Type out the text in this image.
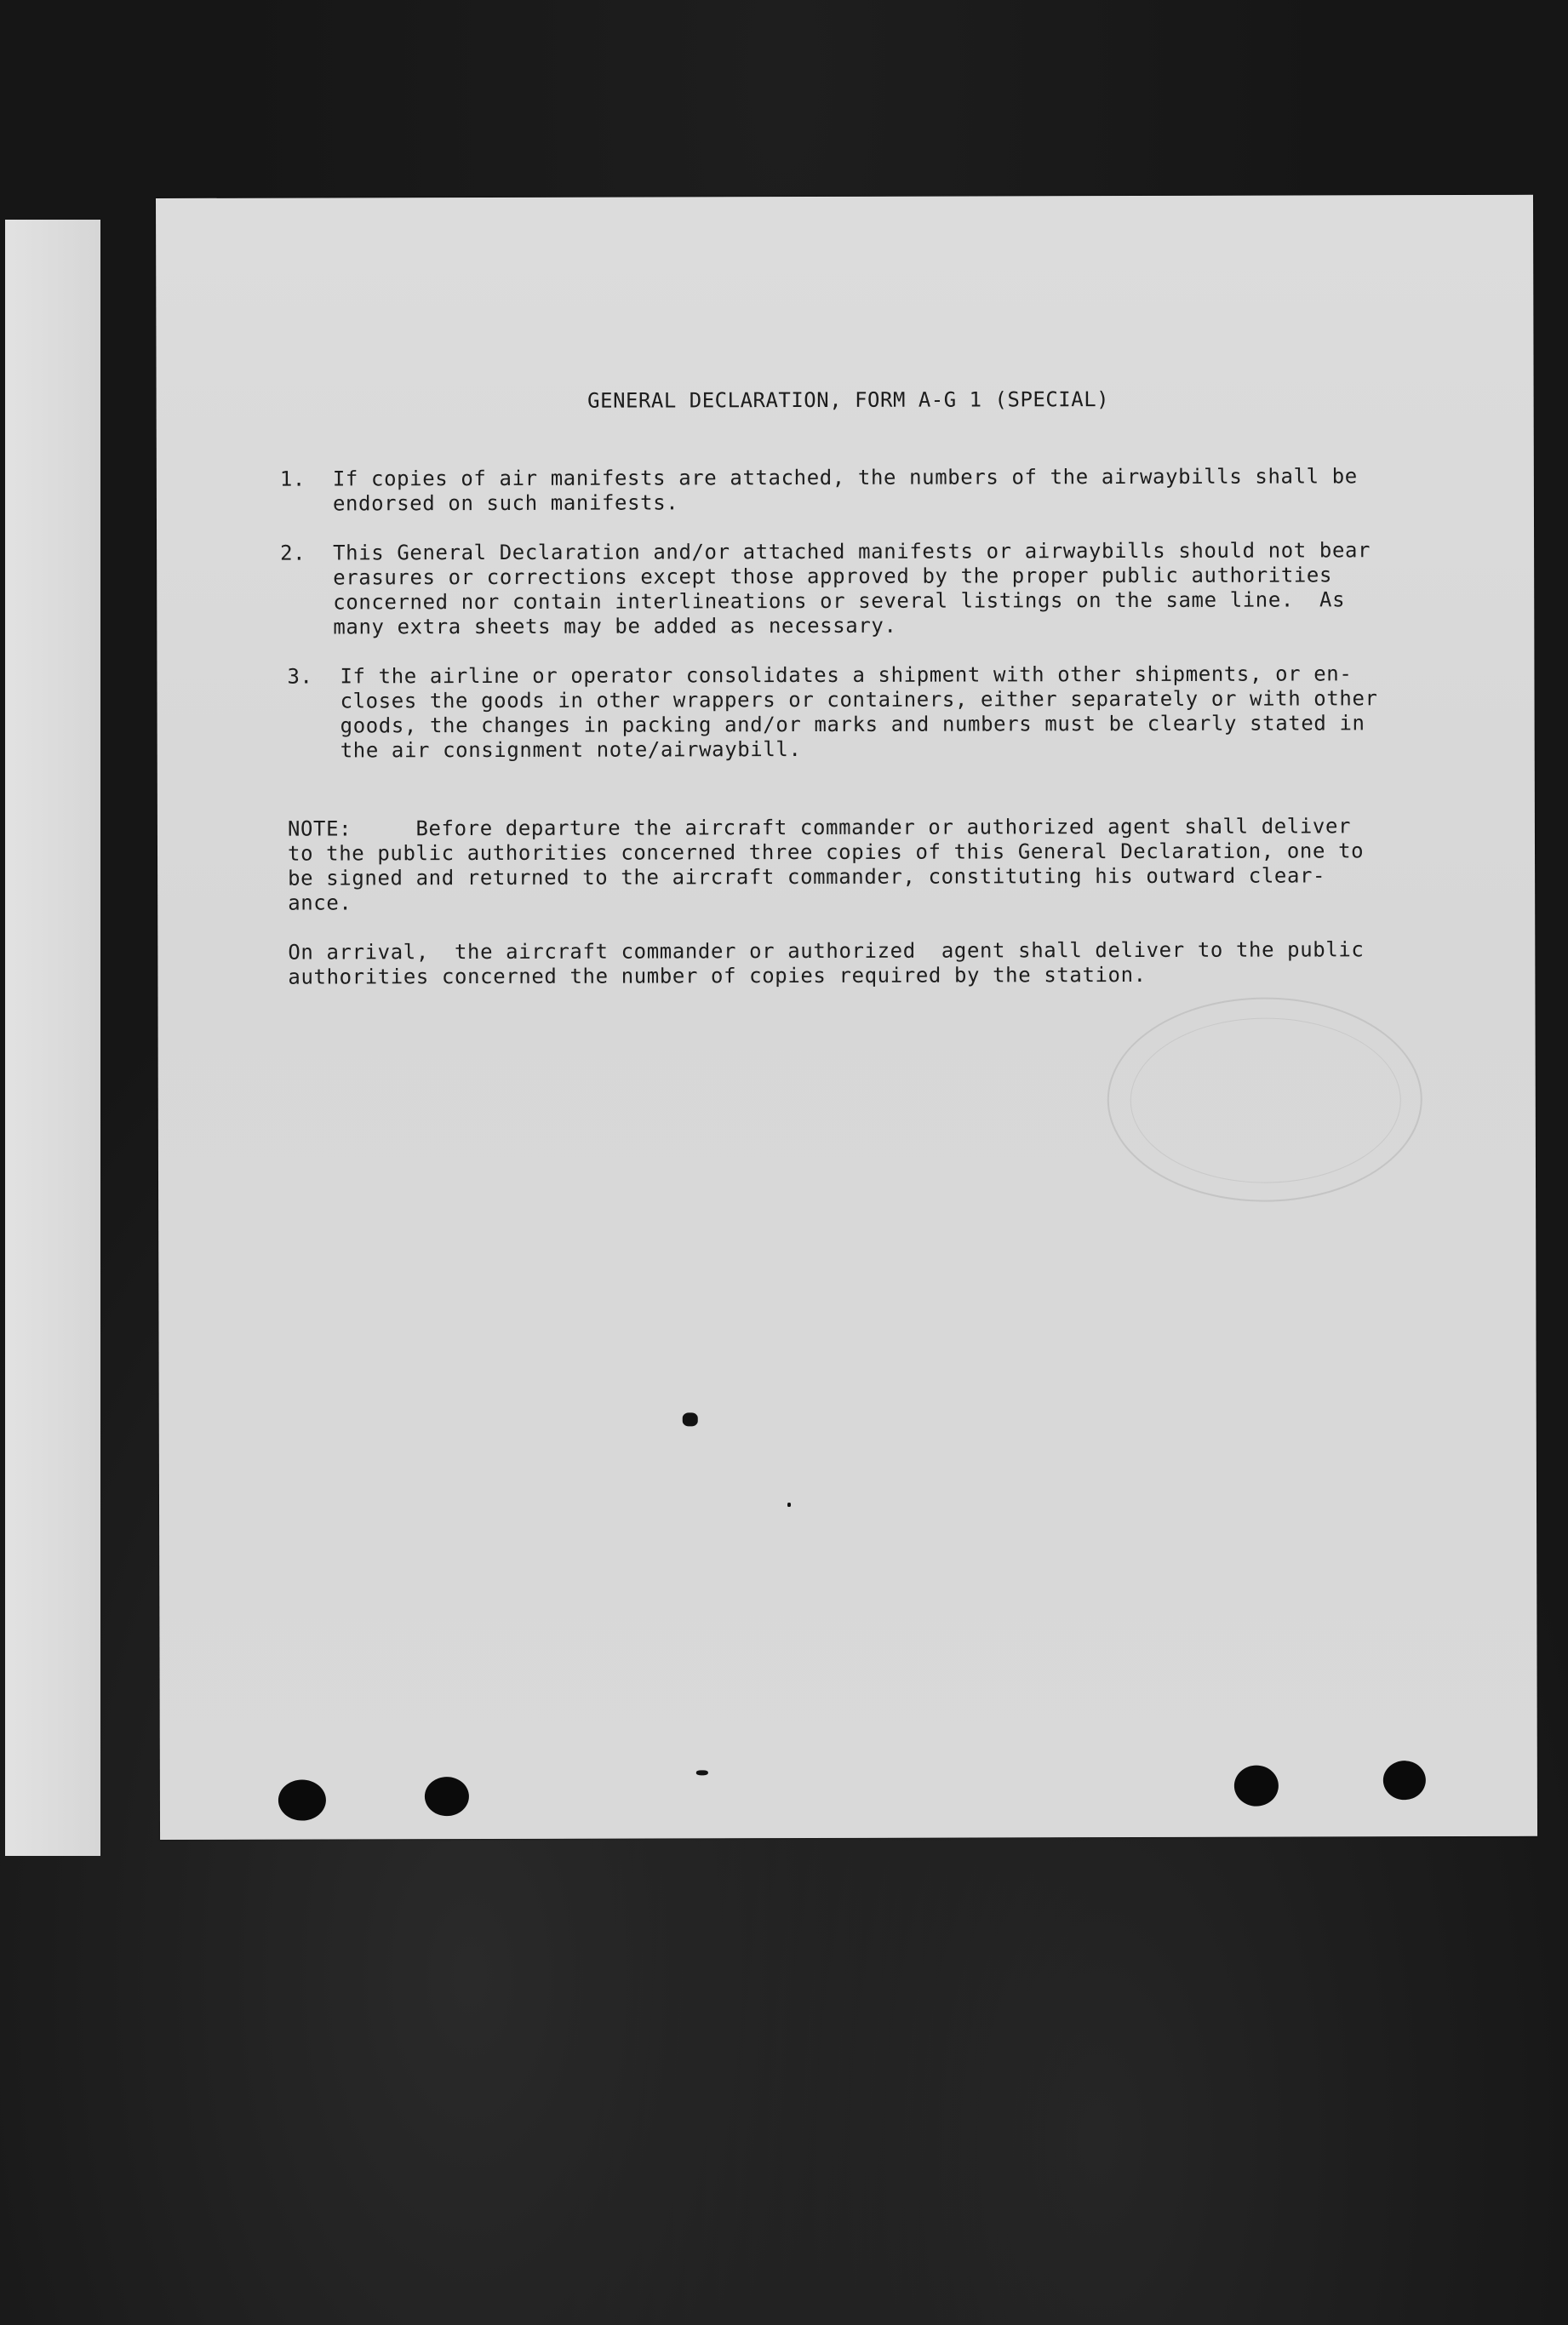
GENERAL DECLARATION, FORM A-G 1 (SPECIAL)
1. If copies of air manifests are attached, the numbers of the airwaybills shall be
endorsed on such manifests.
2. This General Declaration and/or attached manifests or airwaybills should not bear
erasures or corrections except those approved by the proper public authorities
concerned nor contain interlineations or several listings on the same line.  As
many extra sheets may be added as necessary.
3. If the airline or operator consolidates a shipment with other shipments, or en-
closes the goods in other wrappers or containers, either separately or with other
goods, the changes in packing and/or marks and numbers must be clearly stated in
the air consignment note/airwaybill.
NOTE:     Before departure the aircraft commander or authorized agent shall deliver
to the public authorities concerned three copies of this General Declaration, one to
be signed and returned to the aircraft commander, constituting his outward clear-
ance.
On arrival,  the aircraft commander or authorized  agent shall deliver to the public
authorities concerned the number of copies required by the station.
